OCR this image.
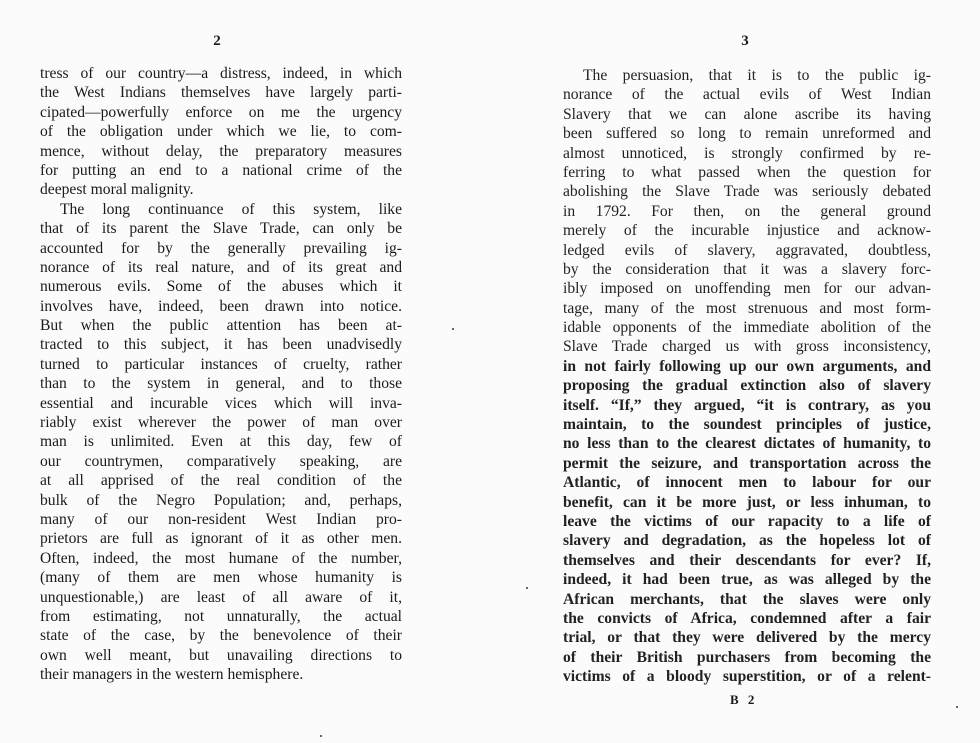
2
tress of our country—a distress, indeed, in which
the West Indians themselves have largely parti-
cipated—powerfully enforce on me the urgency
of the obligation under which we lie, to com-
mence, without delay, the preparatory measures
for putting an end to a national crime of the
deepest moral malignity.
The long continuance of this system, like
that of its parent the Slave Trade, can only be
accounted for by the generally prevailing ig-
norance of its real nature, and of its great and
numerous evils. Some of the abuses which it
involves have, indeed, been drawn into notice.
But when the public attention has been at-
tracted to this subject, it has been unadvisedly
turned to particular instances of cruelty, rather
than to the system in general, and to those
essential and incurable vices which will inva-
riably exist wherever the power of man over
man is unlimited. Even at this day, few of
our countrymen, comparatively speaking, are
at all apprised of the real condition of the
bulk of the Negro Population; and, perhaps,
many of our non-resident West Indian pro-
prietors are full as ignorant of it as other men.
Often, indeed, the most humane of the number,
(many of them are men whose humanity is
unquestionable,) are least of all aware of it,
from estimating, not unnaturally, the actual
state of the case, by the benevolence of their
own well meant, but unavailing directions to
their managers in the western hemisphere.
3
The persuasion, that it is to the public ig-
norance of the actual evils of West Indian
Slavery that we can alone ascribe its having
been suffered so long to remain unreformed and
almost unnoticed, is strongly confirmed by re-
ferring to what passed when the question for
abolishing the Slave Trade was seriously debated
in 1792. For then, on the general ground
merely of the incurable injustice and acknow-
ledged evils of slavery, aggravated, doubtless,
by the consideration that it was a slavery forc-
ibly imposed on unoffending men for our advan-
tage, many of the most strenuous and most form-
idable opponents of the immediate abolition of the
Slave Trade charged us with gross inconsistency,
in not fairly following up our own arguments, and
proposing the gradual extinction also of slavery
itself. “If,” they argued, “it is contrary, as you
maintain, to the soundest principles of justice,
no less than to the clearest dictates of humanity, to
permit the seizure, and transportation across the
Atlantic, of innocent men to labour for our
benefit, can it be more just, or less inhuman, to
leave the victims of our rapacity to a life of
slavery and degradation, as the hopeless lot of
themselves and their descendants for ever? If,
indeed, it had been true, as was alleged by the
African merchants, that the slaves were only
the convicts of Africa, condemned after a fair
trial, or that they were delivered by the mercy
of their British purchasers from becoming the
victims of a bloody superstition, or of a relent-
B 2
